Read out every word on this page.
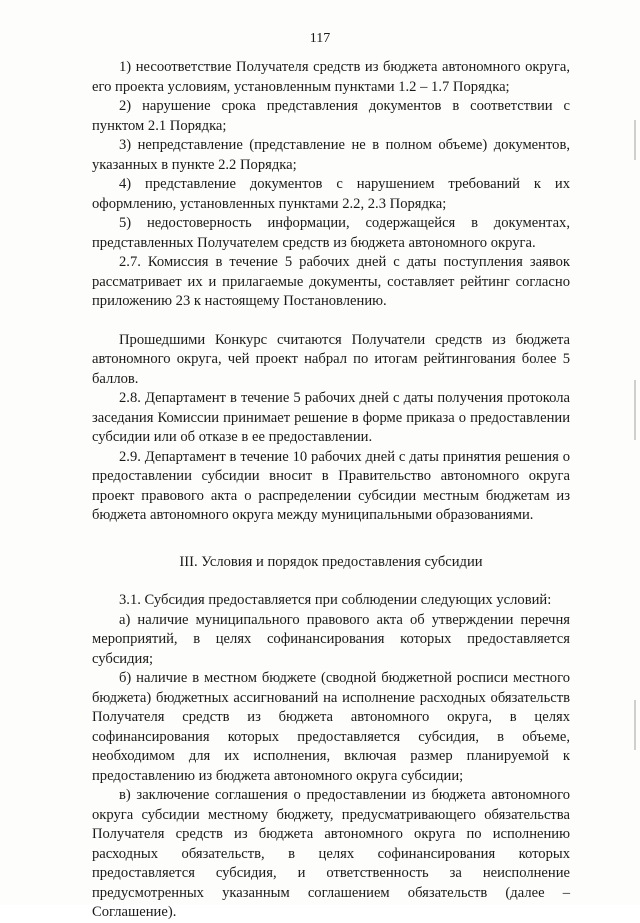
117

1) несоответствие Получателя средств из бюджета автономного округа, его проекта условиям, установленным пунктами 1.2 – 1.7 Порядка;

2) нарушение срока представления документов в соответствии с пунктом 2.1 Порядка;

3) непредставление (представление не в полном объеме) документов, указанных в пункте 2.2 Порядка;

4) представление документов с нарушением требований к их оформлению, установленных пунктами 2.2, 2.3 Порядка;

5) недостоверность информации, содержащейся в документах, представленных Получателем средств из бюджета автономного округа.

2.7. Комиссия в течение 5 рабочих дней с даты поступления заявок рассматривает их и прилагаемые документы, составляет рейтинг согласно приложению 23 к настоящему Постановлению.

Прошедшими Конкурс считаются Получатели средств из бюджета автономного округа, чей проект набрал по итогам рейтингования более 5 баллов.

2.8. Департамент в течение 5 рабочих дней с даты получения протокола заседания Комиссии принимает решение в форме приказа о предоставлении субсидии или об отказе в ее предоставлении.

2.9. Департамент в течение 10 рабочих дней с даты принятия решения о предоставлении субсидии вносит в Правительство автономного округа проект правового акта о распределении субсидии местным бюджетам из бюджета автономного округа между муниципальными образованиями.

III. Условия и порядок предоставления субсидии

3.1. Субсидия предоставляется при соблюдении следующих условий:

а) наличие муниципального правового акта об утверждении перечня мероприятий, в целях софинансирования которых предоставляется субсидия;

б) наличие в местном бюджете (сводной бюджетной росписи местного бюджета) бюджетных ассигнований на исполнение расходных обязательств Получателя средств из бюджета автономного округа, в целях софинансирования которых предоставляется субсидия, в объеме, необходимом для их исполнения, включая размер планируемой к предоставлению из бюджета автономного округа субсидии;

в) заключение соглашения о предоставлении из бюджета автономного округа субсидии местному бюджету, предусматривающего обязательства Получателя средств из бюджета автономного округа по исполнению расходных обязательств, в целях софинансирования которых предоставляется субсидия, и ответственность за неисполнение предусмотренных указанным соглашением обязательств (далее – Соглашение).
